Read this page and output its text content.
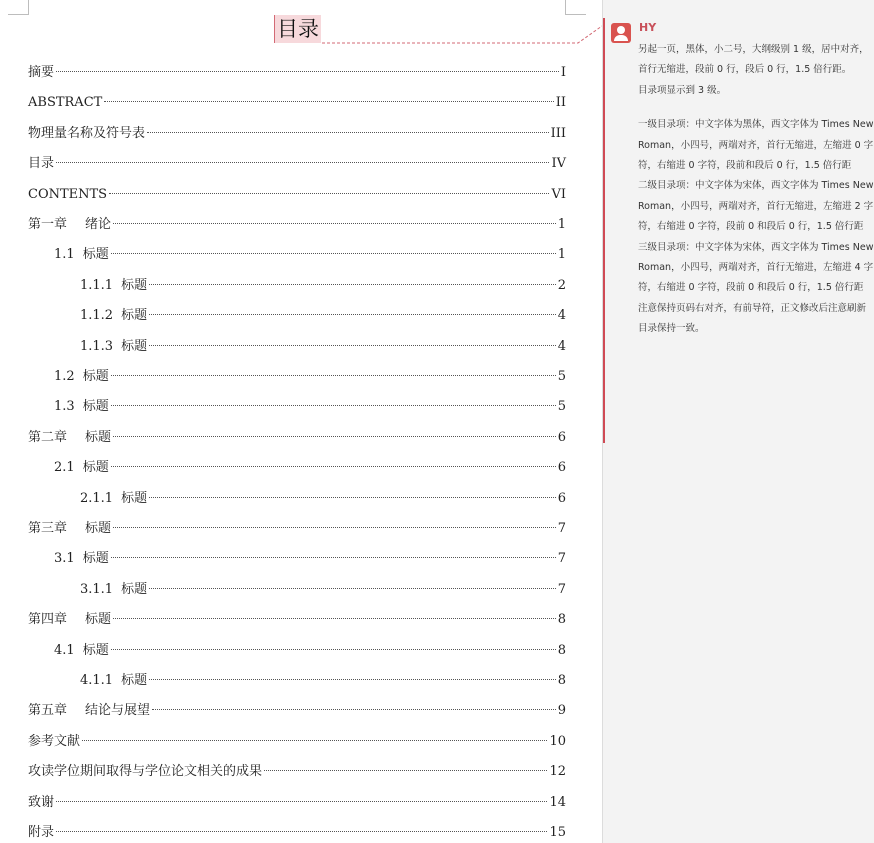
目录
摘要	I
ABSTRACT	II
物理量名称及符号表	III
目录	IV
CONTENTS	VI
第一章 绪论	1
1.1 标题	1
1.1.1 标题	2
1.1.2 标题	4
1.1.3 标题	4
1.2 标题	5
1.3 标题	5
第二章 标题	6
2.1 标题	6
2.1.1 标题	6
第三章 标题	7
3.1 标题	7
3.1.1 标题	7
第四章 标题	8
4.1 标题	8
4.1.1 标题	8
第五章 结论与展望	9
参考文献	10
攻读学位期间取得与学位论文相关的成果	12
致谢	14
附录	15
HY

另起一页，黑体，小二号，大纲级别 1 级，居中对齐，首行无缩进，段前 0 行，段后 0 行，1.5 倍行距。

目录项显示到 3 级。

一级目录项：中文字体为黑体，西文字体为 Times New Roman，小四号，两端对齐，首行无缩进，左缩进 0 字符，右缩进 0 字符，段前和段后 0 行，1.5 倍行距

二级目录项：中文字体为宋体，西文字体为 Times New Roman，小四号，两端对齐，首行无缩进，左缩进 2 字符，右缩进 0 字符，段前 0 和段后 0 行，1.5 倍行距

三级目录项：中文字体为宋体，西文字体为 Times New Roman，小四号，两端对齐，首行无缩进，左缩进 4 字符，右缩进 0 字符，段前 0 和段后 0 行，1.5 倍行距

注意保持页码右对齐，有前导符，正文修改后注意刷新目录保持一致。
